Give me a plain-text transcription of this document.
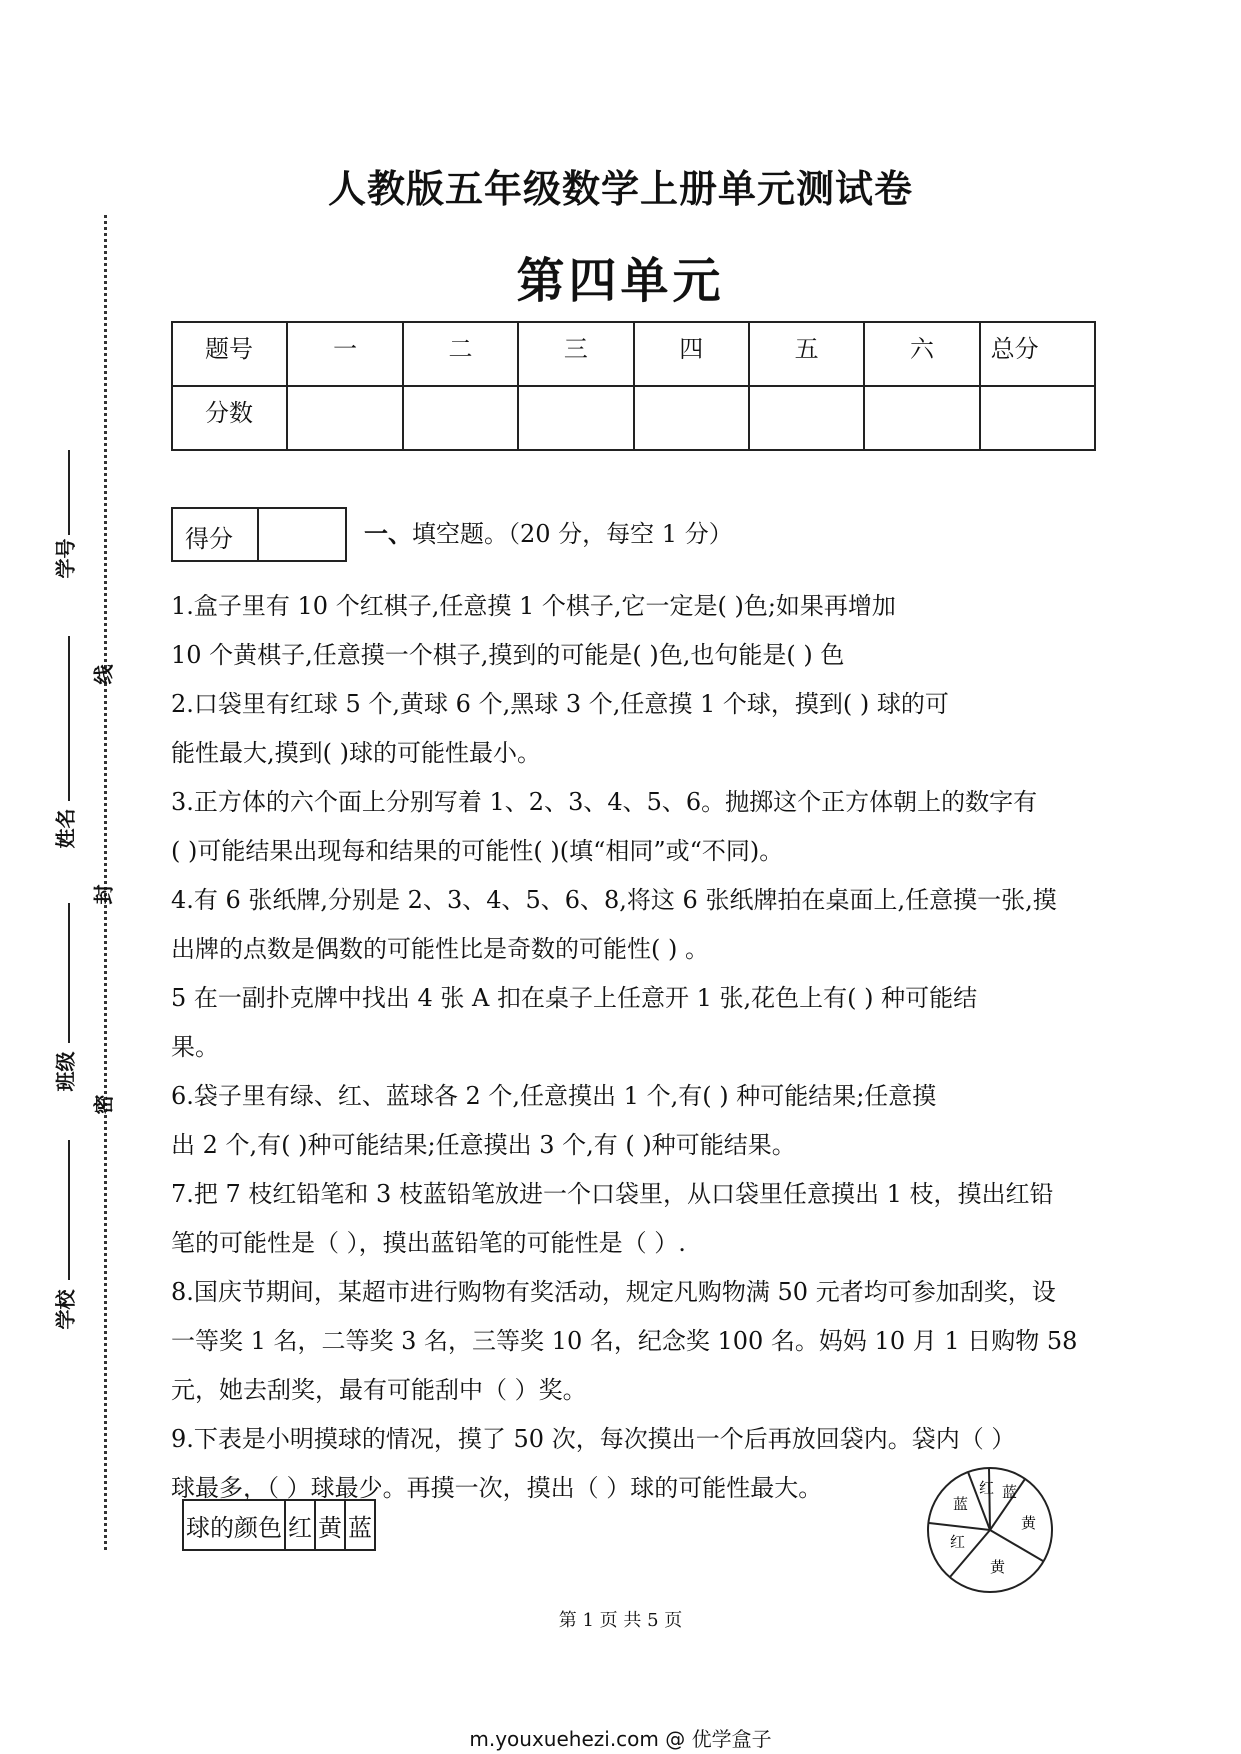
人教版五年级数学上册单元测试卷
第四单元
题号	一	二	三	四	五	六	总分
分数							
学号
姓名
班级
学校
线
封
密
得分	一、填空题。（20 分，每空 1 分）
1.盒子里有 10 个红棋子,任意摸 1 个棋子,它一定是( )色;如果再增加
10 个黄棋子,任意摸一个棋子,摸到的可能是( )色,也句能是( ) 色
2.口袋里有红球 5 个,黄球 6 个,黑球 3 个,任意摸 1 个球，摸到( ) 球的可
能性最大,摸到( )球的可能性最小。
3.正方体的六个面上分别写着 1、2、3、4、5、6。抛掷这个正方体朝上的数字有
( )可能结果出现每和结果的可能性( )(填“相同”或“不同)。
4.有 6 张纸牌,分别是 2、3、4、5、6、8,将这 6 张纸牌拍在桌面上,任意摸一张,摸
出牌的点数是偶数的可能性比是奇数的可能性( ) 。
5 在一副扑克牌中找出 4 张 A 扣在桌子上任意开 1 张,花色上有( ) 种可能结
果。
6.袋子里有绿、红、蓝球各 2 个,任意摸出 1 个,有( ) 种可能结果;任意摸
出 2 个,有( )种可能结果;任意摸出 3 个,有 ( )种可能结果。
7.把 7 枝红铅笔和 3 枝蓝铅笔放进一个口袋里，从口袋里任意摸出 1 枝，摸出红铅
笔的可能性是（ ），摸出蓝铅笔的可能性是（ ）.
8.国庆节期间，某超市进行购物有奖活动，规定凡购物满 50 元者均可参加刮奖，设
一等奖 1 名，二等奖 3 名，三等奖 10 名，纪念奖 100 名。妈妈 10 月 1 日购物 58
元，她去刮奖，最有可能刮中（ ）奖。
9.下表是小明摸球的情况，摸了 50 次，每次摸出一个后再放回袋内。袋内（ ）
球最多，（ ）球最少。再摸一次，摸出（ ）球的可能性最大。
球的颜色	红	黄	蓝
红 蓝
黄
黄
红
蓝
第 1 页 共 5 页
m.youxuehezi.com @ 优学盒子
